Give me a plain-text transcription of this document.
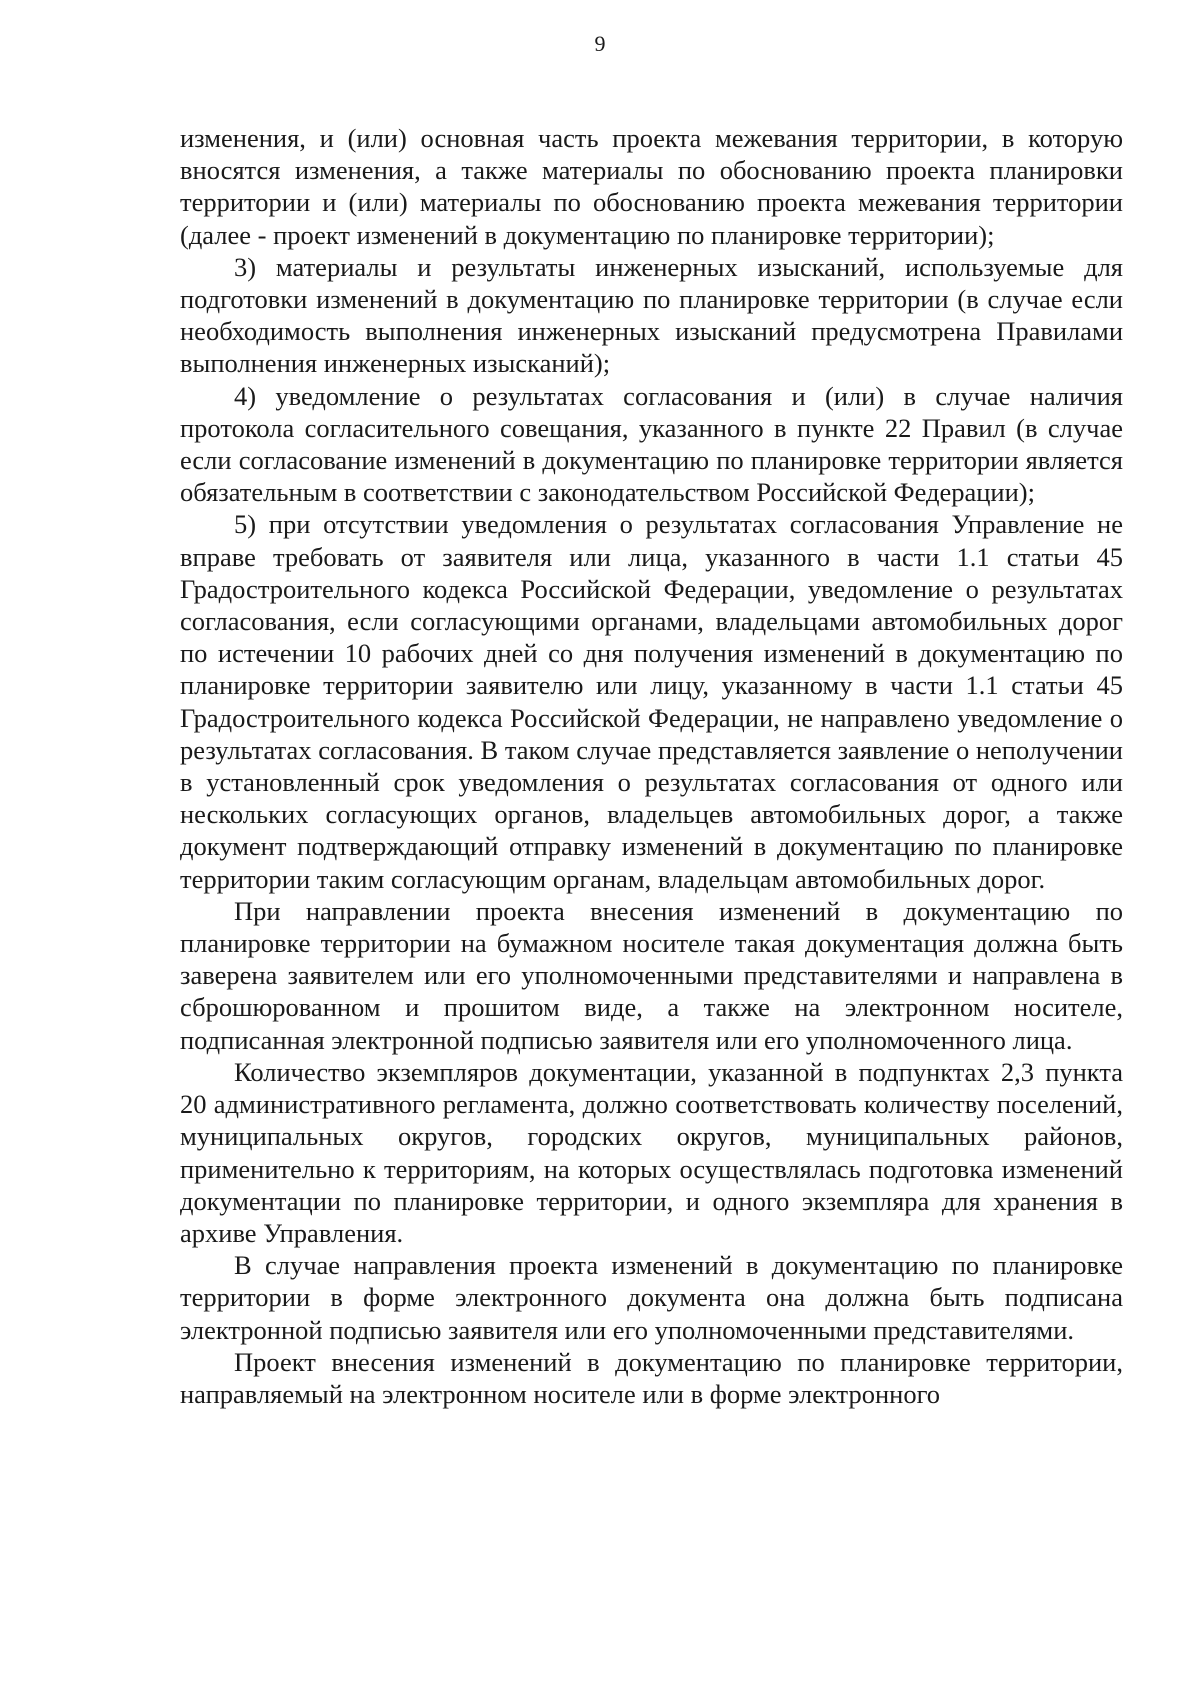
9

изменения, и (или) основная часть проекта межевания территории, в которую вносятся изменения, а также материалы по обоснованию проекта планировки территории и (или) материалы по обоснованию проекта межевания территории (далее - проект изменений в документацию по планировке территории);

3) материалы и результаты инженерных изысканий, используемые для подготовки изменений в документацию по планировке территории (в случае если необходимость выполнения инженерных изысканий предусмотрена Правилами выполнения инженерных изысканий);

4) уведомление о результатах согласования и (или) в случае наличия протокола согласительного совещания, указанного в пункте 22 Правил (в случае если согласование изменений в документацию по планировке территории является обязательным в соответствии с законодательством Российской Федерации);

5) при отсутствии уведомления о результатах согласования Управление не вправе требовать от заявителя или лица, указанного в части 1.1 статьи 45 Градостроительного кодекса Российской Федерации, уведомление о результатах согласования, если согласующими органами, владельцами автомобильных дорог по истечении 10 рабочих дней со дня получения изменений в документацию по планировке территории заявителю или лицу, указанному в части 1.1 статьи 45 Градостроительного кодекса Российской Федерации, не направлено уведомление о результатах согласования. В таком случае представляется заявление о неполучении в установленный срок уведомления о результатах согласования от одного или нескольких согласующих органов, владельцев автомобильных дорог, а также документ подтверждающий отправку изменений в документацию по планировке территории таким согласующим органам, владельцам автомобильных дорог.

При направлении проекта внесения изменений в документацию по планировке территории на бумажном носителе такая документация должна быть заверена заявителем или его уполномоченными представителями и направлена в сброшюрованном и прошитом виде, а также на электронном носителе, подписанная электронной подписью заявителя или его уполномоченного лица.

Количество экземпляров документации, указанной в подпунктах 2,3 пункта 20 административного регламента, должно соответствовать количеству поселений, муниципальных округов, городских округов, муниципальных районов, применительно к территориям, на которых осуществлялась подготовка изменений документации по планировке территории, и одного экземпляра для хранения в архиве Управления.

В случае направления проекта изменений в документацию по планировке территории в форме электронного документа она должна быть подписана электронной подписью заявителя или его уполномоченными представителями.

Проект внесения изменений в документацию по планировке территории, направляемый на электронном носителе или в форме электронного
